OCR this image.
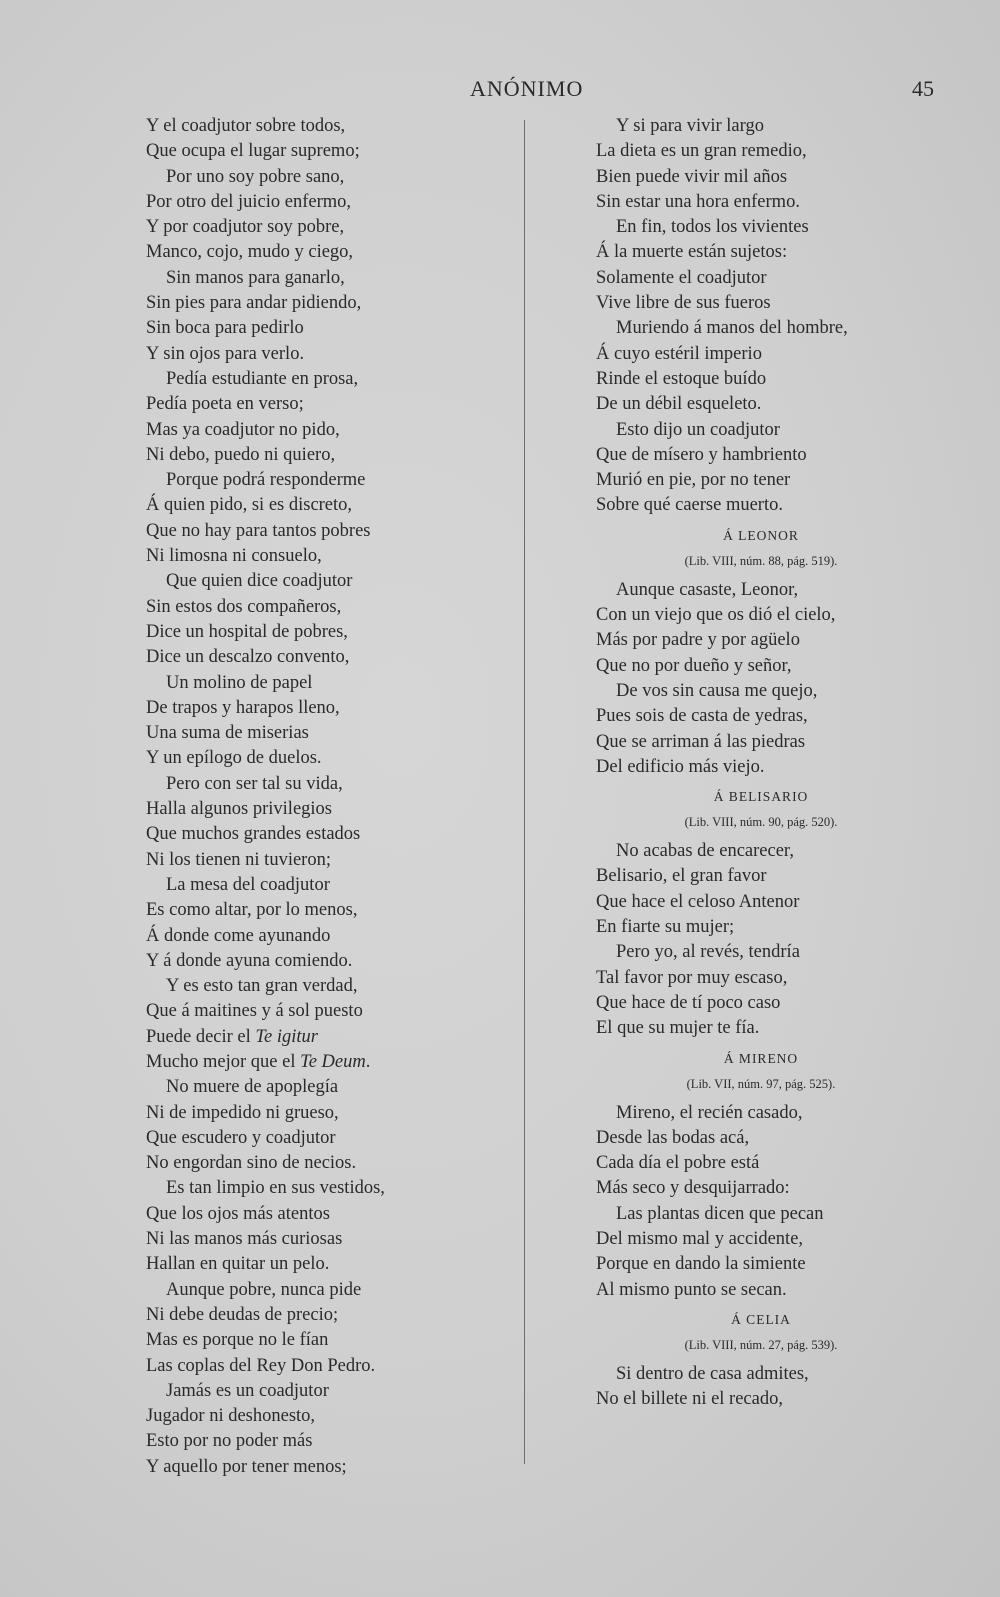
ANÓNIMO	45
Y el coadjutor sobre todos,
Que ocupa el lugar supremo;
Por uno soy pobre sano,
Por otro del juicio enfermo,
Y por coadjutor soy pobre,
Manco, cojo, mudo y ciego,
Sin manos para ganarlo,
Sin pies para andar pidiendo,
Sin boca para pedirlo
Y sin ojos para verlo.
Pedía estudiante en prosa,
Pedía poeta en verso;
Mas ya coadjutor no pido,
Ni debo, puedo ni quiero,
Porque podrá responderme
Á quien pido, si es discreto,
Que no hay para tantos pobres
Ni limosna ni consuelo,
Que quien dice coadjutor
Sin estos dos compañeros,
Dice un hospital de pobres,
Dice un descalzo convento,
Un molino de papel
De trapos y harapos lleno,
Una suma de miserias
Y un epílogo de duelos.
Pero con ser tal su vida,
Halla algunos privilegios
Que muchos grandes estados
Ni los tienen ni tuvieron;
La mesa del coadjutor
Es como altar, por lo menos,
Á donde come ayunando
Y á donde ayuna comiendo.
Y es esto tan gran verdad,
Que á maitines y á sol puesto
Puede decir el Te igitur
Mucho mejor que el Te Deum.
No muere de apoplegía
Ni de impedido ni grueso,
Que escudero y coadjutor
No engordan sino de necios.
Es tan limpio en sus vestidos,
Que los ojos más atentos
Ni las manos más curiosas
Hallan en quitar un pelo.
Aunque pobre, nunca pide
Ni debe deudas de precio;
Mas es porque no le fían
Las coplas del Rey Don Pedro.
Jamás es un coadjutor
Jugador ni deshonesto,
Esto por no poder más
Y aquello por tener menos;
Y si para vivir largo
La dieta es un gran remedio,
Bien puede vivir mil años
Sin estar una hora enfermo.
En fin, todos los vivientes
Á la muerte están sujetos:
Solamente el coadjutor
Vive libre de sus fueros
Muriendo á manos del hombre,
Á cuyo estéril imperio
Rinde el estoque buído
De un débil esqueleto.
Esto dijo un coadjutor
Que de mísero y hambriento
Murió en pie, por no tener
Sobre qué caerse muerto.
Á LEONOR
(Lib. VIII, núm. 88, pág. 519).
Aunque casaste, Leonor,
Con un viejo que os dió el cielo,
Más por padre y por agüelo
Que no por dueño y señor,
De vos sin causa me quejo,
Pues sois de casta de yedras,
Que se arriman á las piedras
Del edificio más viejo.
Á BELISARIO
(Lib. VIII, núm. 90, pág. 520).
No acabas de encarecer,
Belisario, el gran favor
Que hace el celoso Antenor
En fiarte su mujer;
Pero yo, al revés, tendría
Tal favor por muy escaso,
Que hace de tí poco caso
El que su mujer te fía.
Á MIRENO
(Lib. VII, núm. 97, pág. 525).
Mireno, el recién casado,
Desde las bodas acá,
Cada día el pobre está
Más seco y desquijarrado:
Las plantas dicen que pecan
Del mismo mal y accidente,
Porque en dando la simiente
Al mismo punto se secan.
Á CELIA
(Lib. VIII, núm. 27, pág. 539).
Si dentro de casa admites,
No el billete ni el recado,
